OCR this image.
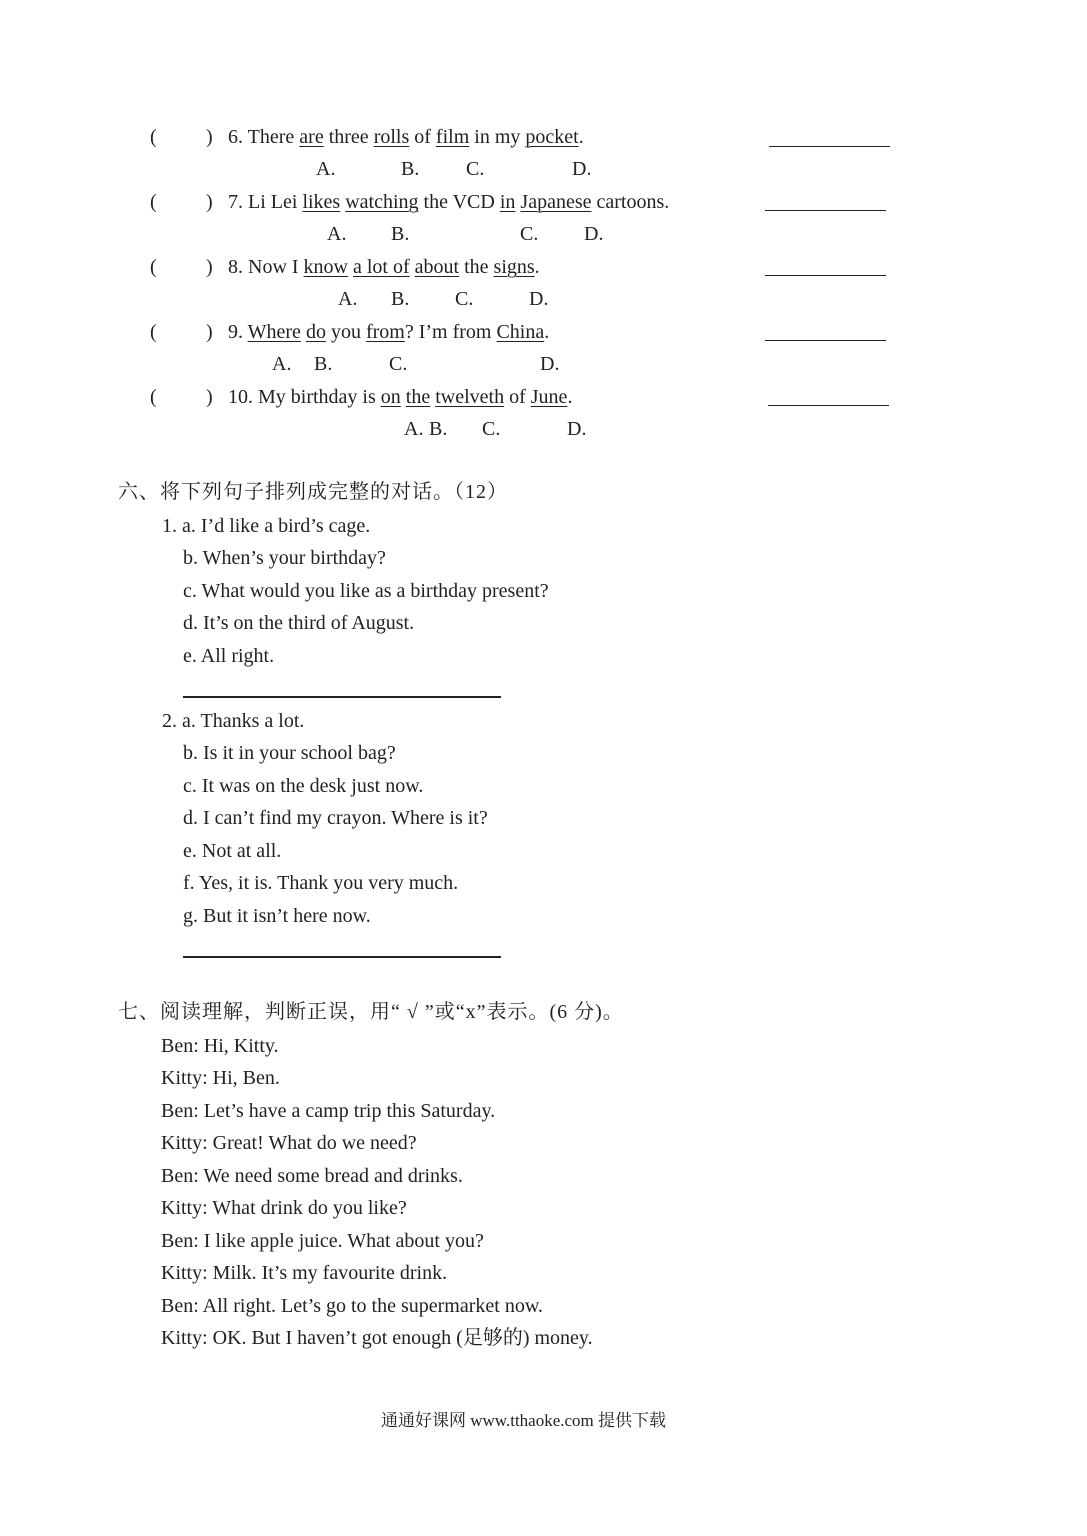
( ) 6. There are three rolls of film in my pocket.
A.	B. C.	D.
( ) 7. Li Lei likes watching the VCD in Japanese cartoons.
A. B.	C. D.
( ) 8. Now I know a lot of about the signs.
A. B. C.	D.
( ) 9. Where do you from? I’m from China.
A. B.	C.	D.
( ) 10. My birthday is on the twelveth of June.
A. B. C.	D.
六、将下列句子排列成完整的对话。（12）
1. a. I’d like a bird’s cage.
b. When’s your birthday?
c. What would you like as a birthday present?
d. It’s on the third of August.
e. All right.
2. a. Thanks a lot.
b. Is it in your school bag?
c. It was on the desk just now.
d. I can’t find my crayon. Where is it?
e. Not at all.
f. Yes, it is. Thank you very much.
g. But it isn’t here now.
七、阅读理解，判断正误，用“ √ ”或“x”表示。(6 分)。
Ben: Hi, Kitty.
Kitty: Hi, Ben.
Ben: Let’s have a camp trip this Saturday.
Kitty: Great! What do we need?
Ben: We need some bread and drinks.
Kitty: What drink do you like?
Ben: I like apple juice. What about you?
Kitty: Milk. It’s my favourite drink.
Ben: All right. Let’s go to the supermarket now.
Kitty: OK. But I haven’t got enough (足够的) money.
通通好课网 www.tthaoke.com 提供下载
